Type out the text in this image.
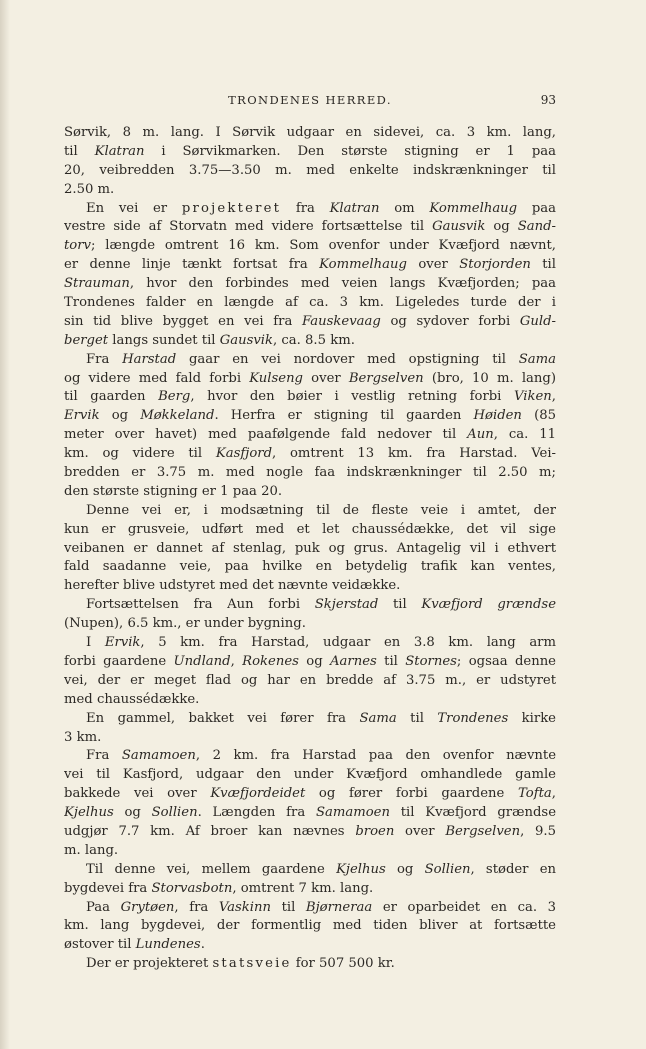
TRONDENES HERRED.	93
Sørvik, 8 m. lang. I Sørvik udgaar en sidevei, ca. 3 km. lang,
til Klatran i Sørvikmarken. Den største stigning er 1 paa
20, veibredden 3.75—3.50 m. med enkelte indskrænkninger til
2.50 m.
En vei er projekteret fra Klatran om Kommelhaug paa
vestre side af Storvatn med videre fortsættelse til Gausvik og Sand-
torv; længde omtrent 16 km. Som ovenfor under Kvæfjord nævnt,
er denne linje tænkt fortsat fra Kommelhaug over Storjorden til
Strauman, hvor den forbindes med veien langs Kvæfjorden; paa
Trondenes falder en længde af ca. 3 km. Ligeledes turde der i
sin tid blive bygget en vei fra Fauskevaag og sydover forbi Guld-
berget langs sundet til Gausvik, ca. 8.5 km.
Fra Harstad gaar en vei nordover med opstigning til Sama
og videre med fald forbi Kulseng over Bergselven (bro, 10 m. lang)
til gaarden Berg, hvor den bøier i vestlig retning forbi Viken,
Ervik og Møkkeland. Herfra er stigning til gaarden Høiden (85
meter over havet) med paafølgende fald nedover til Aun, ca. 11
km. og videre til Kasfjord, omtrent 13 km. fra Harstad. Vei-
bredden er 3.75 m. med nogle faa indskrænkninger til 2.50 m;
den største stigning er 1 paa 20.
Denne vei er, i modsætning til de fleste veie i amtet, der
kun er grusveie, udført med et let chaussédække, det vil sige
veibanen er dannet af stenlag, puk og grus. Antagelig vil i ethvert
fald saadanne veie, paa hvilke en betydelig trafik kan ventes,
herefter blive udstyret med det nævnte veidække.
Fortsættelsen fra Aun forbi Skjerstad til Kvæfjord grændse
(Nupen), 6.5 km., er under bygning.
I Ervik, 5 km. fra Harstad, udgaar en 3.8 km. lang arm
forbi gaardene Undland, Rokenes og Aarnes til Stornes; ogsaa denne
vei, der er meget flad og har en bredde af 3.75 m., er udstyret
med chaussédække.
En gammel, bakket vei fører fra Sama til Trondenes kirke
3 km.
Fra Samamoen, 2 km. fra Harstad paa den ovenfor nævnte
vei til Kasfjord, udgaar den under Kvæfjord omhandlede gamle
bakkede vei over Kvæfjordeidet og fører forbi gaardene Tofta,
Kjelhus og Sollien. Længden fra Samamoen til Kvæfjord grændse
udgjør 7.7 km. Af broer kan nævnes broen over Bergselven, 9.5
m. lang.
Til denne vei, mellem gaardene Kjelhus og Sollien, støder en
bygdevei fra Storvasbotn, omtrent 7 km. lang.
Paa Grytøen, fra Vaskinn til Bjørneraa er oparbeidet en ca. 3
km. lang bygdevei, der formentlig med tiden bliver at fortsætte
østover til Lundenes.
Der er projekteret statsveie for 507 500 kr.
